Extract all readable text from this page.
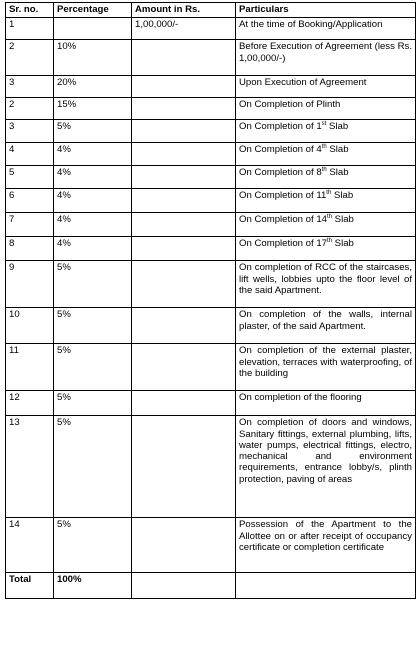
Sr. no.	Percentage	Amount in Rs.	Particulars
1		1,00,000/-	At the time of Booking/Application
2	10%		Before Execution of Agreement (less Rs. 1,00,000/-)
3	20%		Upon Execution of Agreement
2	15%		On Completion of Plinth
3	5%		On Completion of 1st Slab
4	4%		On Completion of 4th Slab
5	4%		On Completion of 8th Slab
6	4%		On Completion of 11th Slab
7	4%		On Completion of 14th Slab
8	4%		On Completion of 17th Slab
9	5%		On completion of RCC of the staircases, lift wells, lobbies upto the floor level of the said Apartment.
10	5%		On completion of the walls, internal plaster, of the said Apartment.
11	5%		On completion of the external plaster, elevation, terraces with waterproofing, of the building
12	5%		On completion of the flooring
13	5%		On completion of doors and windows, Sanitary fittings, external plumbing, lifts, water pumps, electrical fittings, electro, mechanical and environment requirements, entrance lobby/s, plinth protection, paving of areas
14	5%		Possession of the Apartment to the Allottee on or after receipt of occupancy certificate or completion certificate
Total	100%		
